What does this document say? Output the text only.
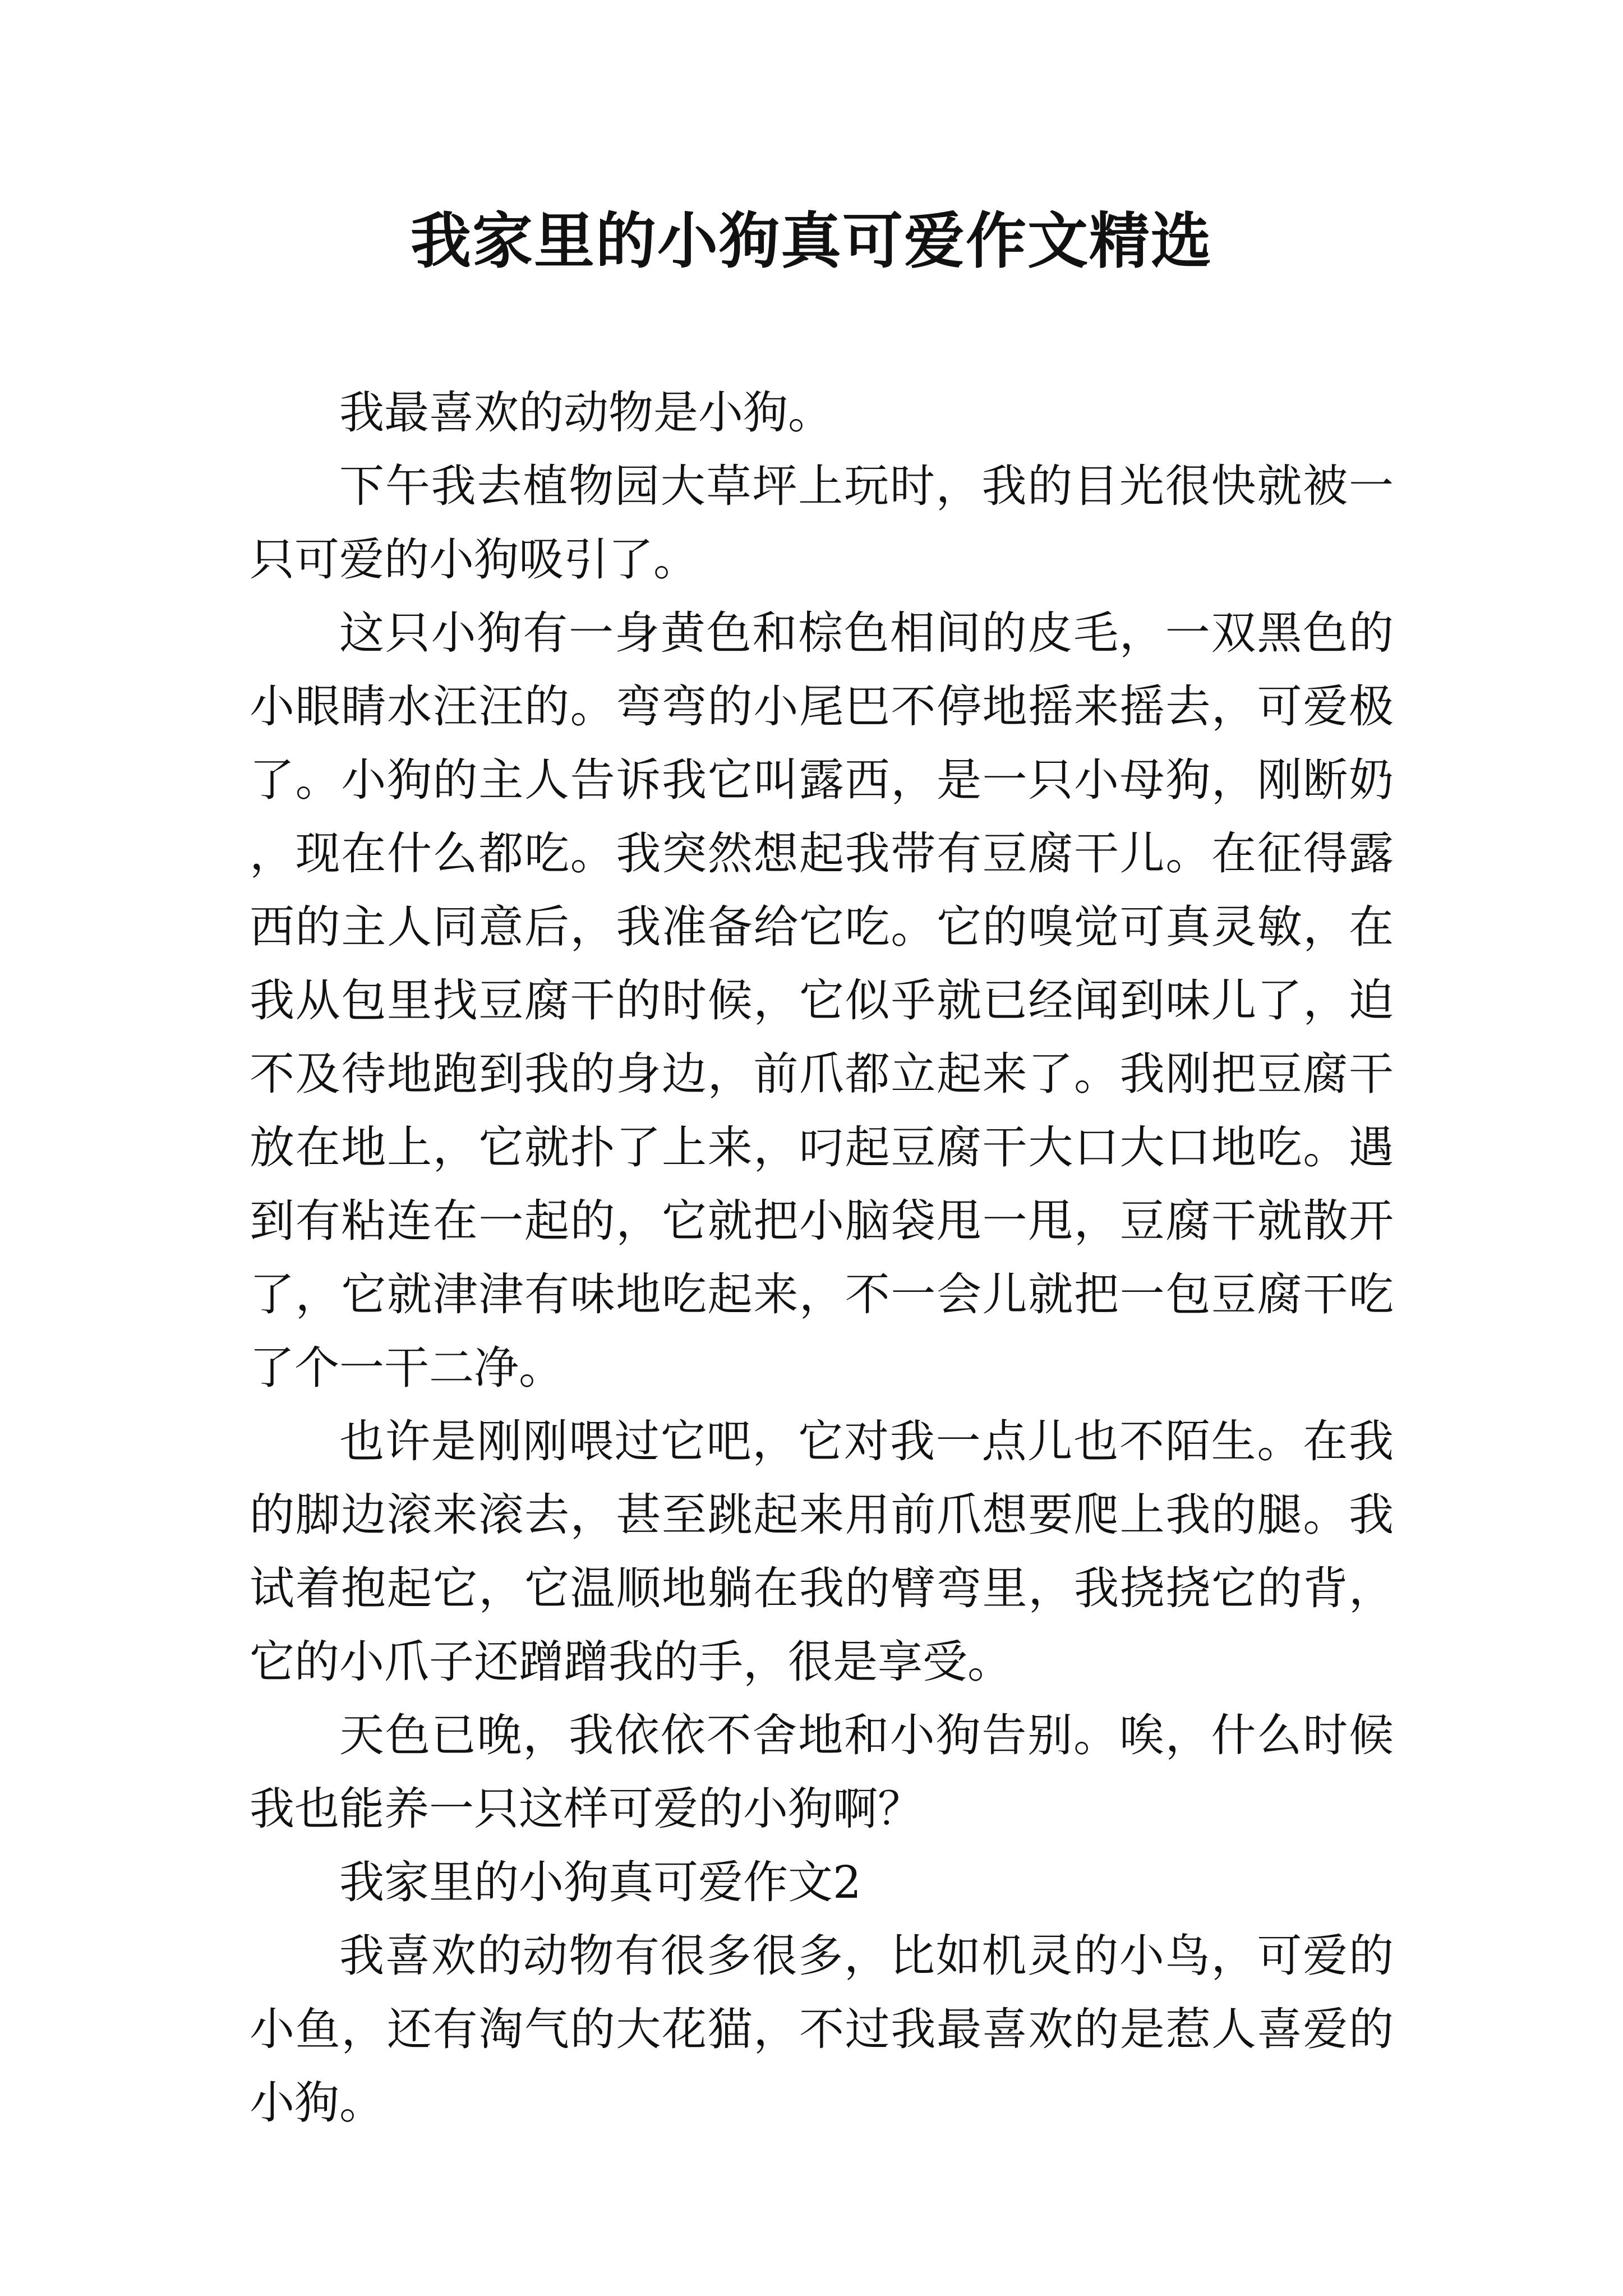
我家里的小狗真可爱作文精选

我最喜欢的动物是小狗。

下午我去植物园大草坪上玩时，我的目光很快就被一只可爱的小狗吸引了。

这只小狗有一身黄色和棕色相间的皮毛，一双黑色的小眼睛水汪汪的。弯弯的小尾巴不停地摇来摇去，可爱极了。小狗的主人告诉我它叫露西，是一只小母狗，刚断奶，现在什么都吃。我突然想起我带有豆腐干儿。在征得露西的主人同意后，我准备给它吃。它的嗅觉可真灵敏，在我从包里找豆腐干的时候，它似乎就已经闻到味儿了，迫不及待地跑到我的身边，前爪都立起来了。我刚把豆腐干放在地上，它就扑了上来，叼起豆腐干大口大口地吃。遇到有粘连在一起的，它就把小脑袋甩一甩，豆腐干就散开了，它就津津有味地吃起来，不一会儿就把一包豆腐干吃了个一干二净。

也许是刚刚喂过它吧，它对我一点儿也不陌生。在我的脚边滚来滚去，甚至跳起来用前爪想要爬上我的腿。我试着抱起它，它温顺地躺在我的臂弯里，我挠挠它的背，它的小爪子还蹭蹭我的手，很是享受。

天色已晚，我依依不舍地和小狗告别。唉，什么时候我也能养一只这样可爱的小狗啊？

我家里的小狗真可爱作文2

我喜欢的动物有很多很多，比如机灵的小鸟，可爱的小鱼，还有淘气的大花猫，不过我最喜欢的是惹人喜爱的小狗。
